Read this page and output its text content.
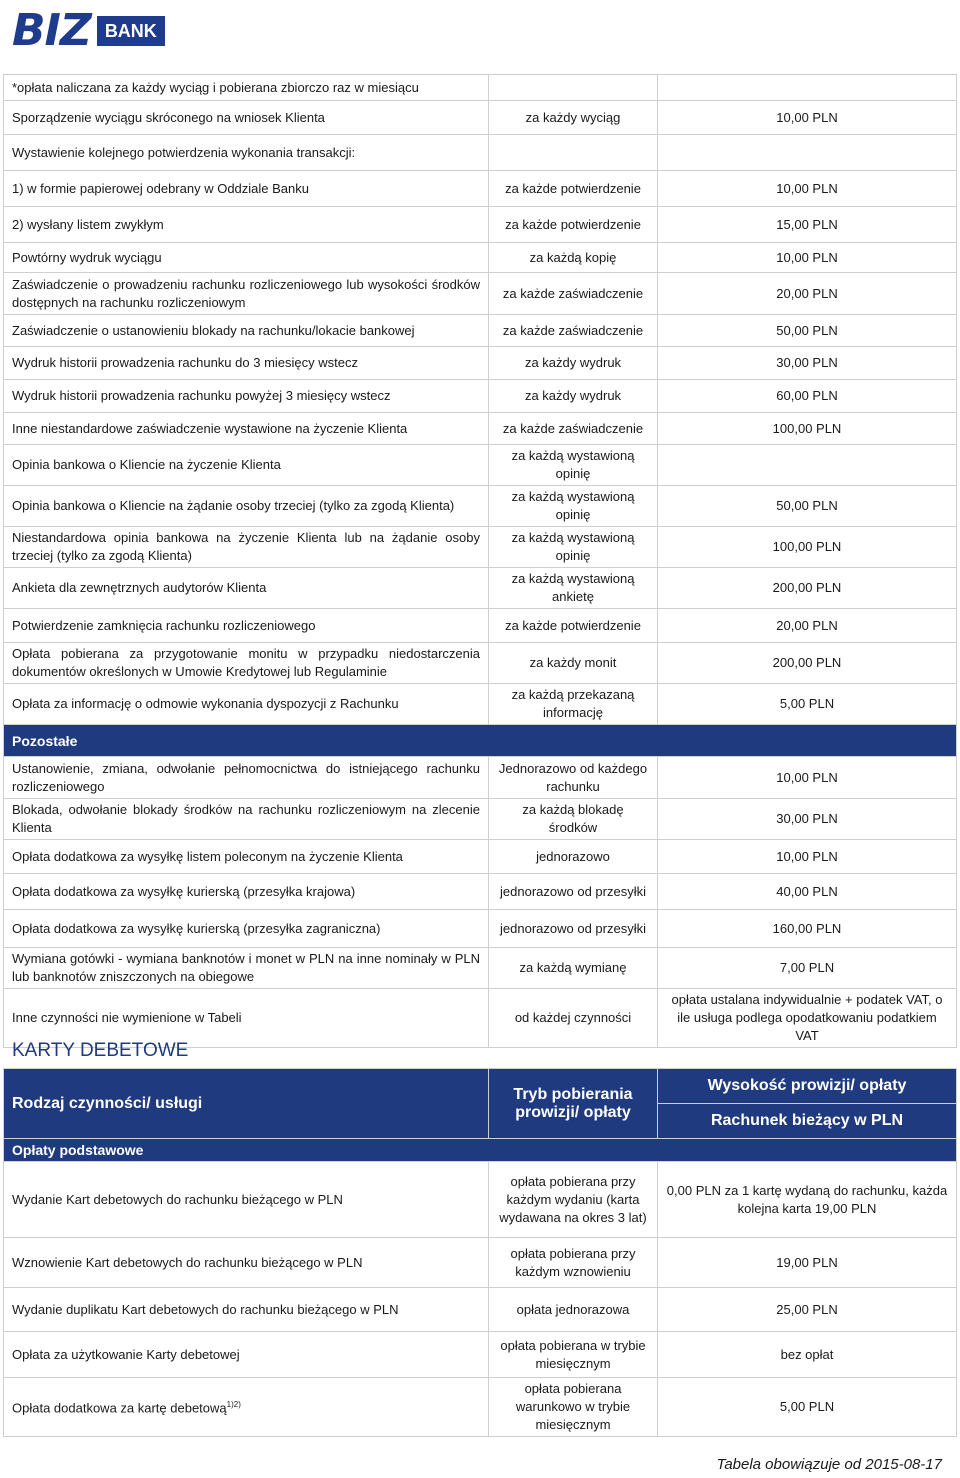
BIZ BANK
*opłata naliczana za każdy wyciąg i pobierana zbiorczo raz w miesiącu		
Sporządzenie wyciągu skróconego na wniosek Klienta	za każdy wyciąg	10,00 PLN
Wystawienie kolejnego potwierdzenia wykonania transakcji:		
1) w formie papierowej odebrany w Oddziale Banku	za każde potwierdzenie	10,00 PLN
2) wysłany listem zwykłym	za każde potwierdzenie	15,00 PLN
Powtórny wydruk wyciągu	za każdą kopię	10,00 PLN
Zaświadczenie o prowadzeniu rachunku rozliczeniowego lub wysokości środków dostępnych na rachunku rozliczeniowym	za każde zaświadczenie	20,00 PLN
Zaświadczenie o ustanowieniu blokady na rachunku/lokacie bankowej	za każde zaświadczenie	50,00 PLN
Wydruk historii prowadzenia rachunku do 3 miesięcy wstecz	za każdy wydruk	30,00 PLN
Wydruk historii prowadzenia rachunku powyżej 3 miesięcy wstecz	za każdy wydruk	60,00 PLN
Inne niestandardowe zaświadczenie wystawione na życzenie Klienta	za każde zaświadczenie	100,00 PLN
Opinia bankowa o Kliencie na życzenie Klienta	za każdą wystawioną opinię	
Opinia bankowa o Kliencie na żądanie osoby trzeciej (tylko za zgodą Klienta)	za każdą wystawioną opinię	50,00 PLN
Niestandardowa opinia bankowa na życzenie Klienta lub na żądanie osoby trzeciej (tylko za zgodą Klienta)	za każdą wystawioną opinię	100,00 PLN
Ankieta dla zewnętrznych audytorów Klienta	za każdą wystawioną ankietę	200,00 PLN
Potwierdzenie zamknięcia rachunku rozliczeniowego	za każde potwierdzenie	20,00 PLN
Opłata pobierana za przygotowanie monitu w przypadku niedostarczenia dokumentów określonych w Umowie Kredytowej lub Regulaminie	za każdy monit	200,00 PLN
Opłata za informację o odmowie wykonania dyspozycji z Rachunku	za każdą przekazaną informację	5,00 PLN
Pozostałe		
Ustanowienie, zmiana, odwołanie pełnomocnictwa do istniejącego rachunku rozliczeniowego	Jednorazowo od każdego rachunku	10,00 PLN
Blokada, odwołanie blokady środków na rachunku rozliczeniowym na zlecenie Klienta	za każdą blokadę środków	30,00 PLN
Opłata dodatkowa za wysyłkę listem poleconym na życzenie Klienta	jednorazowo	10,00 PLN
Opłata dodatkowa za wysyłkę kurierską (przesyłka krajowa)	jednorazowo od przesyłki	40,00 PLN
Opłata dodatkowa za wysyłkę kurierską (przesyłka zagraniczna)	jednorazowo od przesyłki	160,00 PLN
Wymiana gotówki - wymiana banknotów i monet w PLN na inne nominały w PLN lub banknotów zniszczonych na obiegowe	za każdą wymianę	7,00 PLN
Inne czynności nie wymienione w Tabeli	od każdej czynności	opłata ustalana indywidualnie + podatek VAT, o ile usługa podlega opodatkowaniu podatkiem VAT
KARTY DEBETOWE
Rodzaj czynności/ usługi	Tryb pobierania prowizji/ opłaty	Wysokość prowizji/ opłaty
		Rachunek bieżący w PLN
Opłaty podstawowe		
Wydanie Kart debetowych do rachunku bieżącego w PLN	opłata pobierana przy każdym wydaniu (karta wydawana na okres 3 lat)	0,00 PLN za 1 kartę wydaną do rachunku, każda kolejna karta 19,00 PLN
Wznowienie Kart debetowych do rachunku bieżącego w PLN	opłata pobierana przy każdym wznowieniu	19,00 PLN
Wydanie duplikatu Kart debetowych do rachunku bieżącego w PLN	opłata jednorazowa	25,00 PLN
Opłata za użytkowanie Karty debetowej	opłata pobierana w trybie miesięcznym	bez opłat
Opłata dodatkowa za kartę debetową$^{1)2)}$	opłata pobierana warunkowo w trybie miesięcznym	5,00 PLN
Tabela obowiązuje od 2015-08-17
